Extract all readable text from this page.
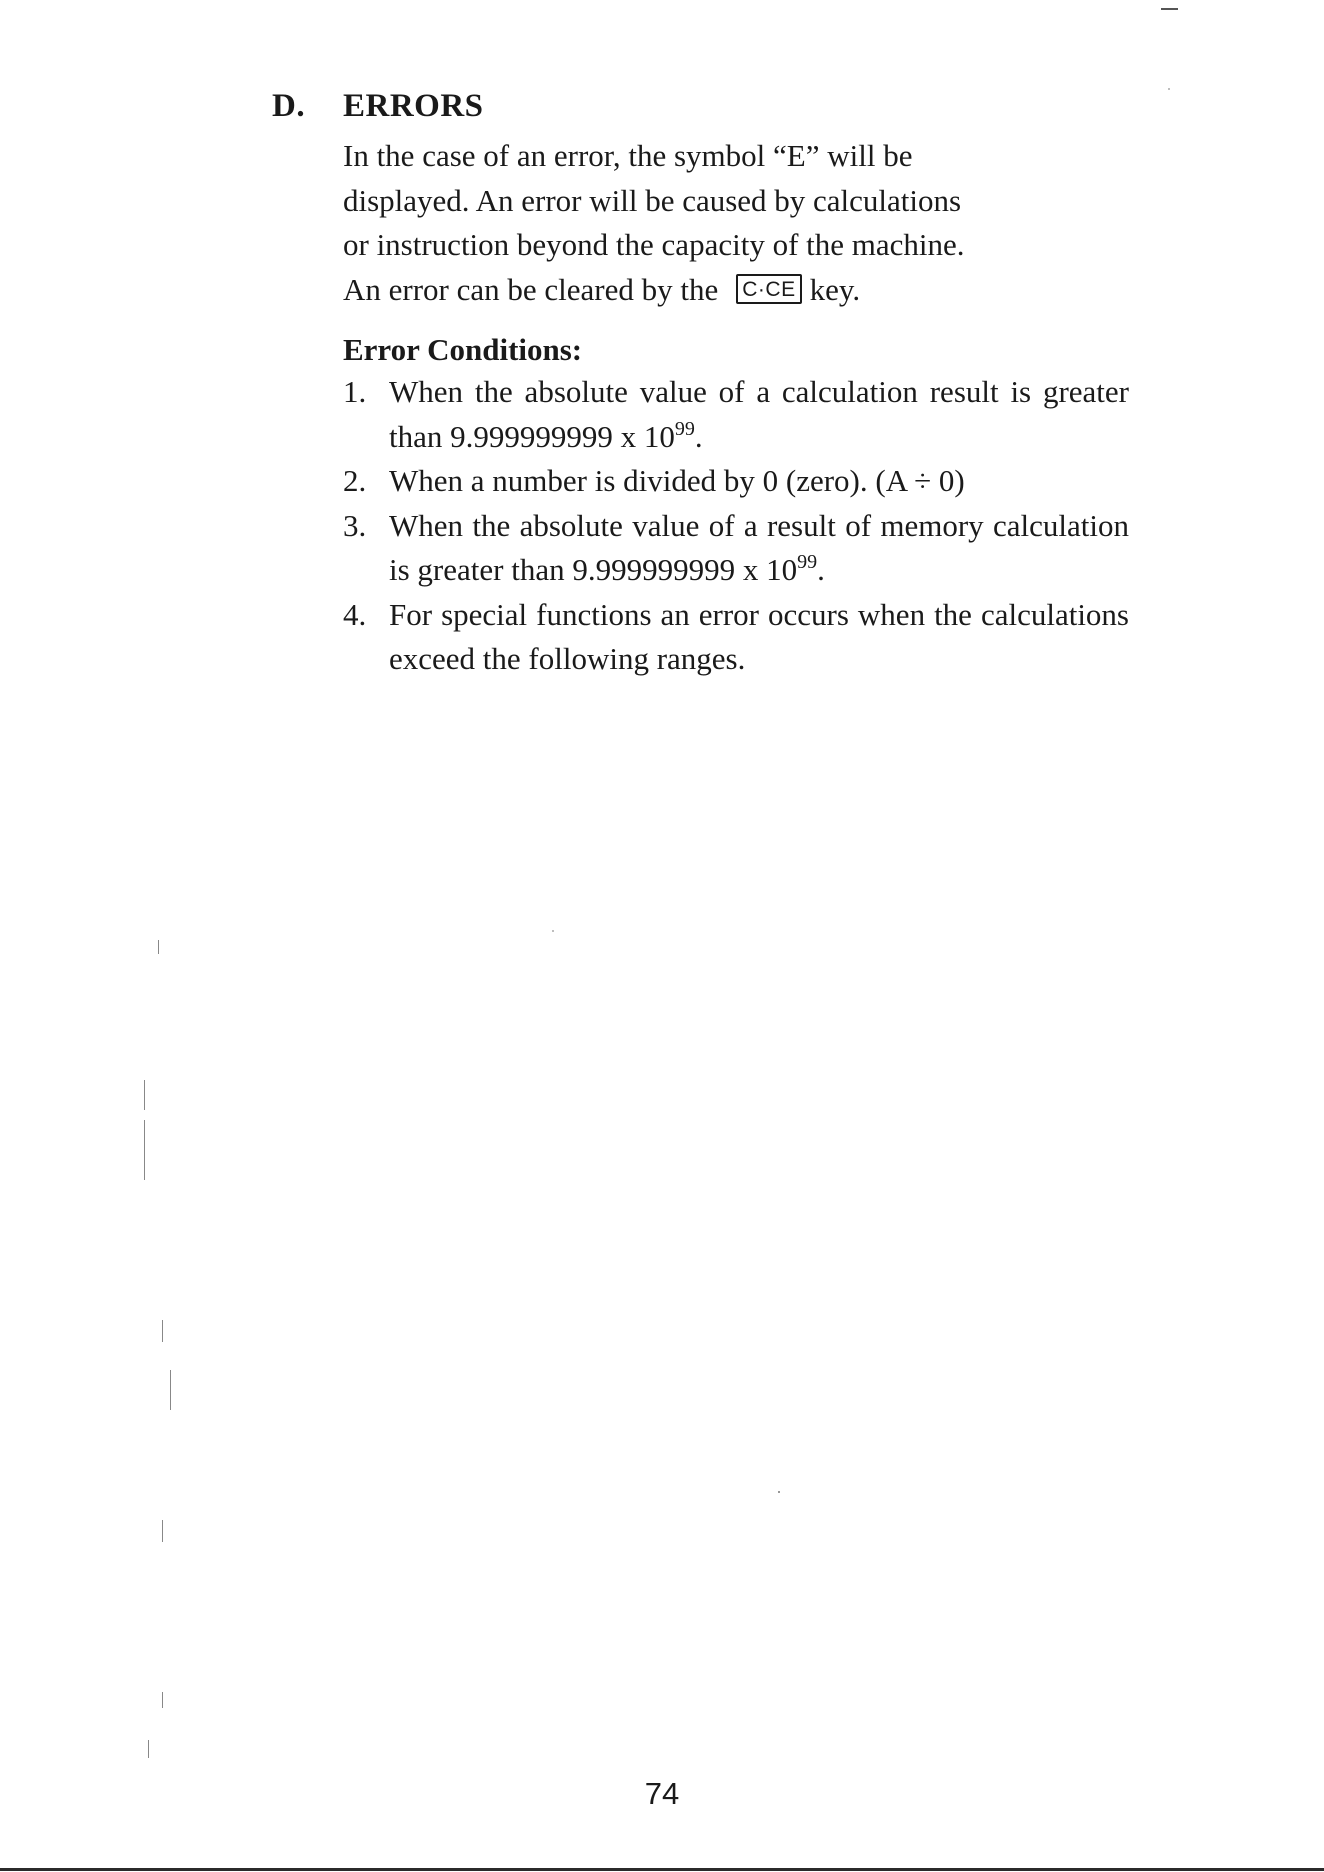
D. ERRORS

In the case of an error, the symbol “E” will be

displayed. An error will be caused by calculations

or instruction beyond the capacity of the machine.

An error can be cleared by the C·CE key.

Error Conditions:
1. When the absolute value of a calculation result is greater than 9.999999999 x $10^{99}$.
2. When a number is divided by 0 (zero). (A ÷ 0)
3. When the absolute value of a result of memory calculation is greater than 9.999999999 x $10^{99}$.
4. For special functions an error occurs when the calculations exceed the following ranges.
74
